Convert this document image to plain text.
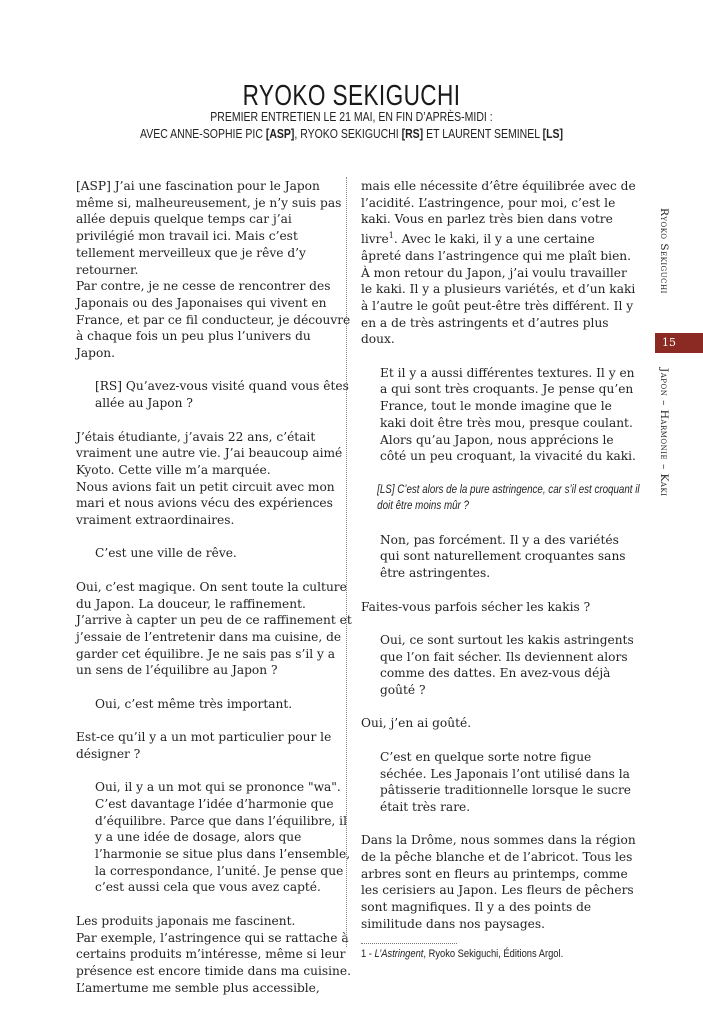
RYOKO SEKIGUCHI
PREMIER ENTRETIEN LE 21 MAI, EN FIN D’APRÈS-MIDI :
AVEC ANNE-SOPHIE PIC [ASP], RYOKO SEKIGUCHI [RS] ET LAURENT SEMINEL [LS]

[ASP] J’ai une fascination pour le Japon même si, malheureusement, je n’y suis pas allée depuis quelque temps car j’ai privilégié mon travail ici. Mais c’est tellement merveilleux que je rêve d’y retourner.

Par contre, je ne cesse de rencontrer des Japonais ou des Japonaises qui vivent en France, et par ce fil conducteur, je découvre à chaque fois un peu plus l’univers du Japon.

[RS] Qu’avez-vous visité quand vous êtes allée au Japon ?

J’étais étudiante, j’avais 22 ans, c’était vraiment une autre vie. J’ai beaucoup aimé Kyoto. Cette ville m’a marquée.

Nous avions fait un petit circuit avec mon mari et nous avions vécu des expériences vraiment extraordinaires.

C’est une ville de rêve.

Oui, c’est magique. On sent toute la culture du Japon. La douceur, le raffinement.

J’arrive à capter un peu de ce raffinement et j’essaie de l’entretenir dans ma cuisine, de garder cet équilibre. Je ne sais pas s’il y a un sens de l’équilibre au Japon ?

Oui, c’est même très important.

Est-ce qu’il y a un mot particulier pour le désigner ?

Oui, il y a un mot qui se prononce "wa". C’est davantage l’idée d’harmonie que d’équilibre. Parce que dans l’équilibre, il y a une idée de dosage, alors que l’harmonie se situe plus dans l’ensemble, la correspondance, l’unité. Je pense que c’est aussi cela que vous avez capté.

Les produits japonais me fascinent.

Par exemple, l’astringence qui se rattache à certains produits m’intéresse, même si leur présence est encore timide dans ma cuisine. L’amertume me semble plus accessible,

mais elle nécessite d’être équilibrée avec de l’acidité. L’astringence, pour moi, c’est le kaki. Vous en parlez très bien dans votre livre$^1$. Avec le kaki, il y a une certaine âpreté dans l’astringence qui me plaît bien.

À mon retour du Japon, j’ai voulu travailler le kaki. Il y a plusieurs variétés, et d’un kaki à l’autre le goût peut-être très différent. Il y en a de très astringents et d’autres plus doux.

Et il y a aussi différentes textures. Il y en a qui sont très croquants. Je pense qu’en France, tout le monde imagine que le kaki doit être très mou, presque coulant.

Alors qu’au Japon, nous apprécions le côté un peu croquant, la vivacité du kaki.

[LS] C’est alors de la pure astringence, car s’il est croquant il doit être moins mûr ?

Non, pas forcément. Il y a des variétés qui sont naturellement croquantes sans être astringentes.

Faites-vous parfois sécher les kakis ?

Oui, ce sont surtout les kakis astringents que l’on fait sécher. Ils deviennent alors comme des dattes. En avez-vous déjà goûté ?

Oui, j’en ai goûté.

C’est en quelque sorte notre figue séchée. Les Japonais l’ont utilisé dans la pâtisserie traditionnelle lorsque le sucre était très rare.

Dans la Drôme, nous sommes dans la région de la pêche blanche et de l’abricot. Tous les arbres sont en fleurs au printemps, comme les cerisiers au Japon. Les fleurs de pêchers sont magnifiques. Il y a des points de similitude dans nos paysages.

1 - L’Astringent, Ryoko Sekiguchi, Éditions Argol.
Ryoko Sekiguchi
15
Japon – Harmonie – Kaki
